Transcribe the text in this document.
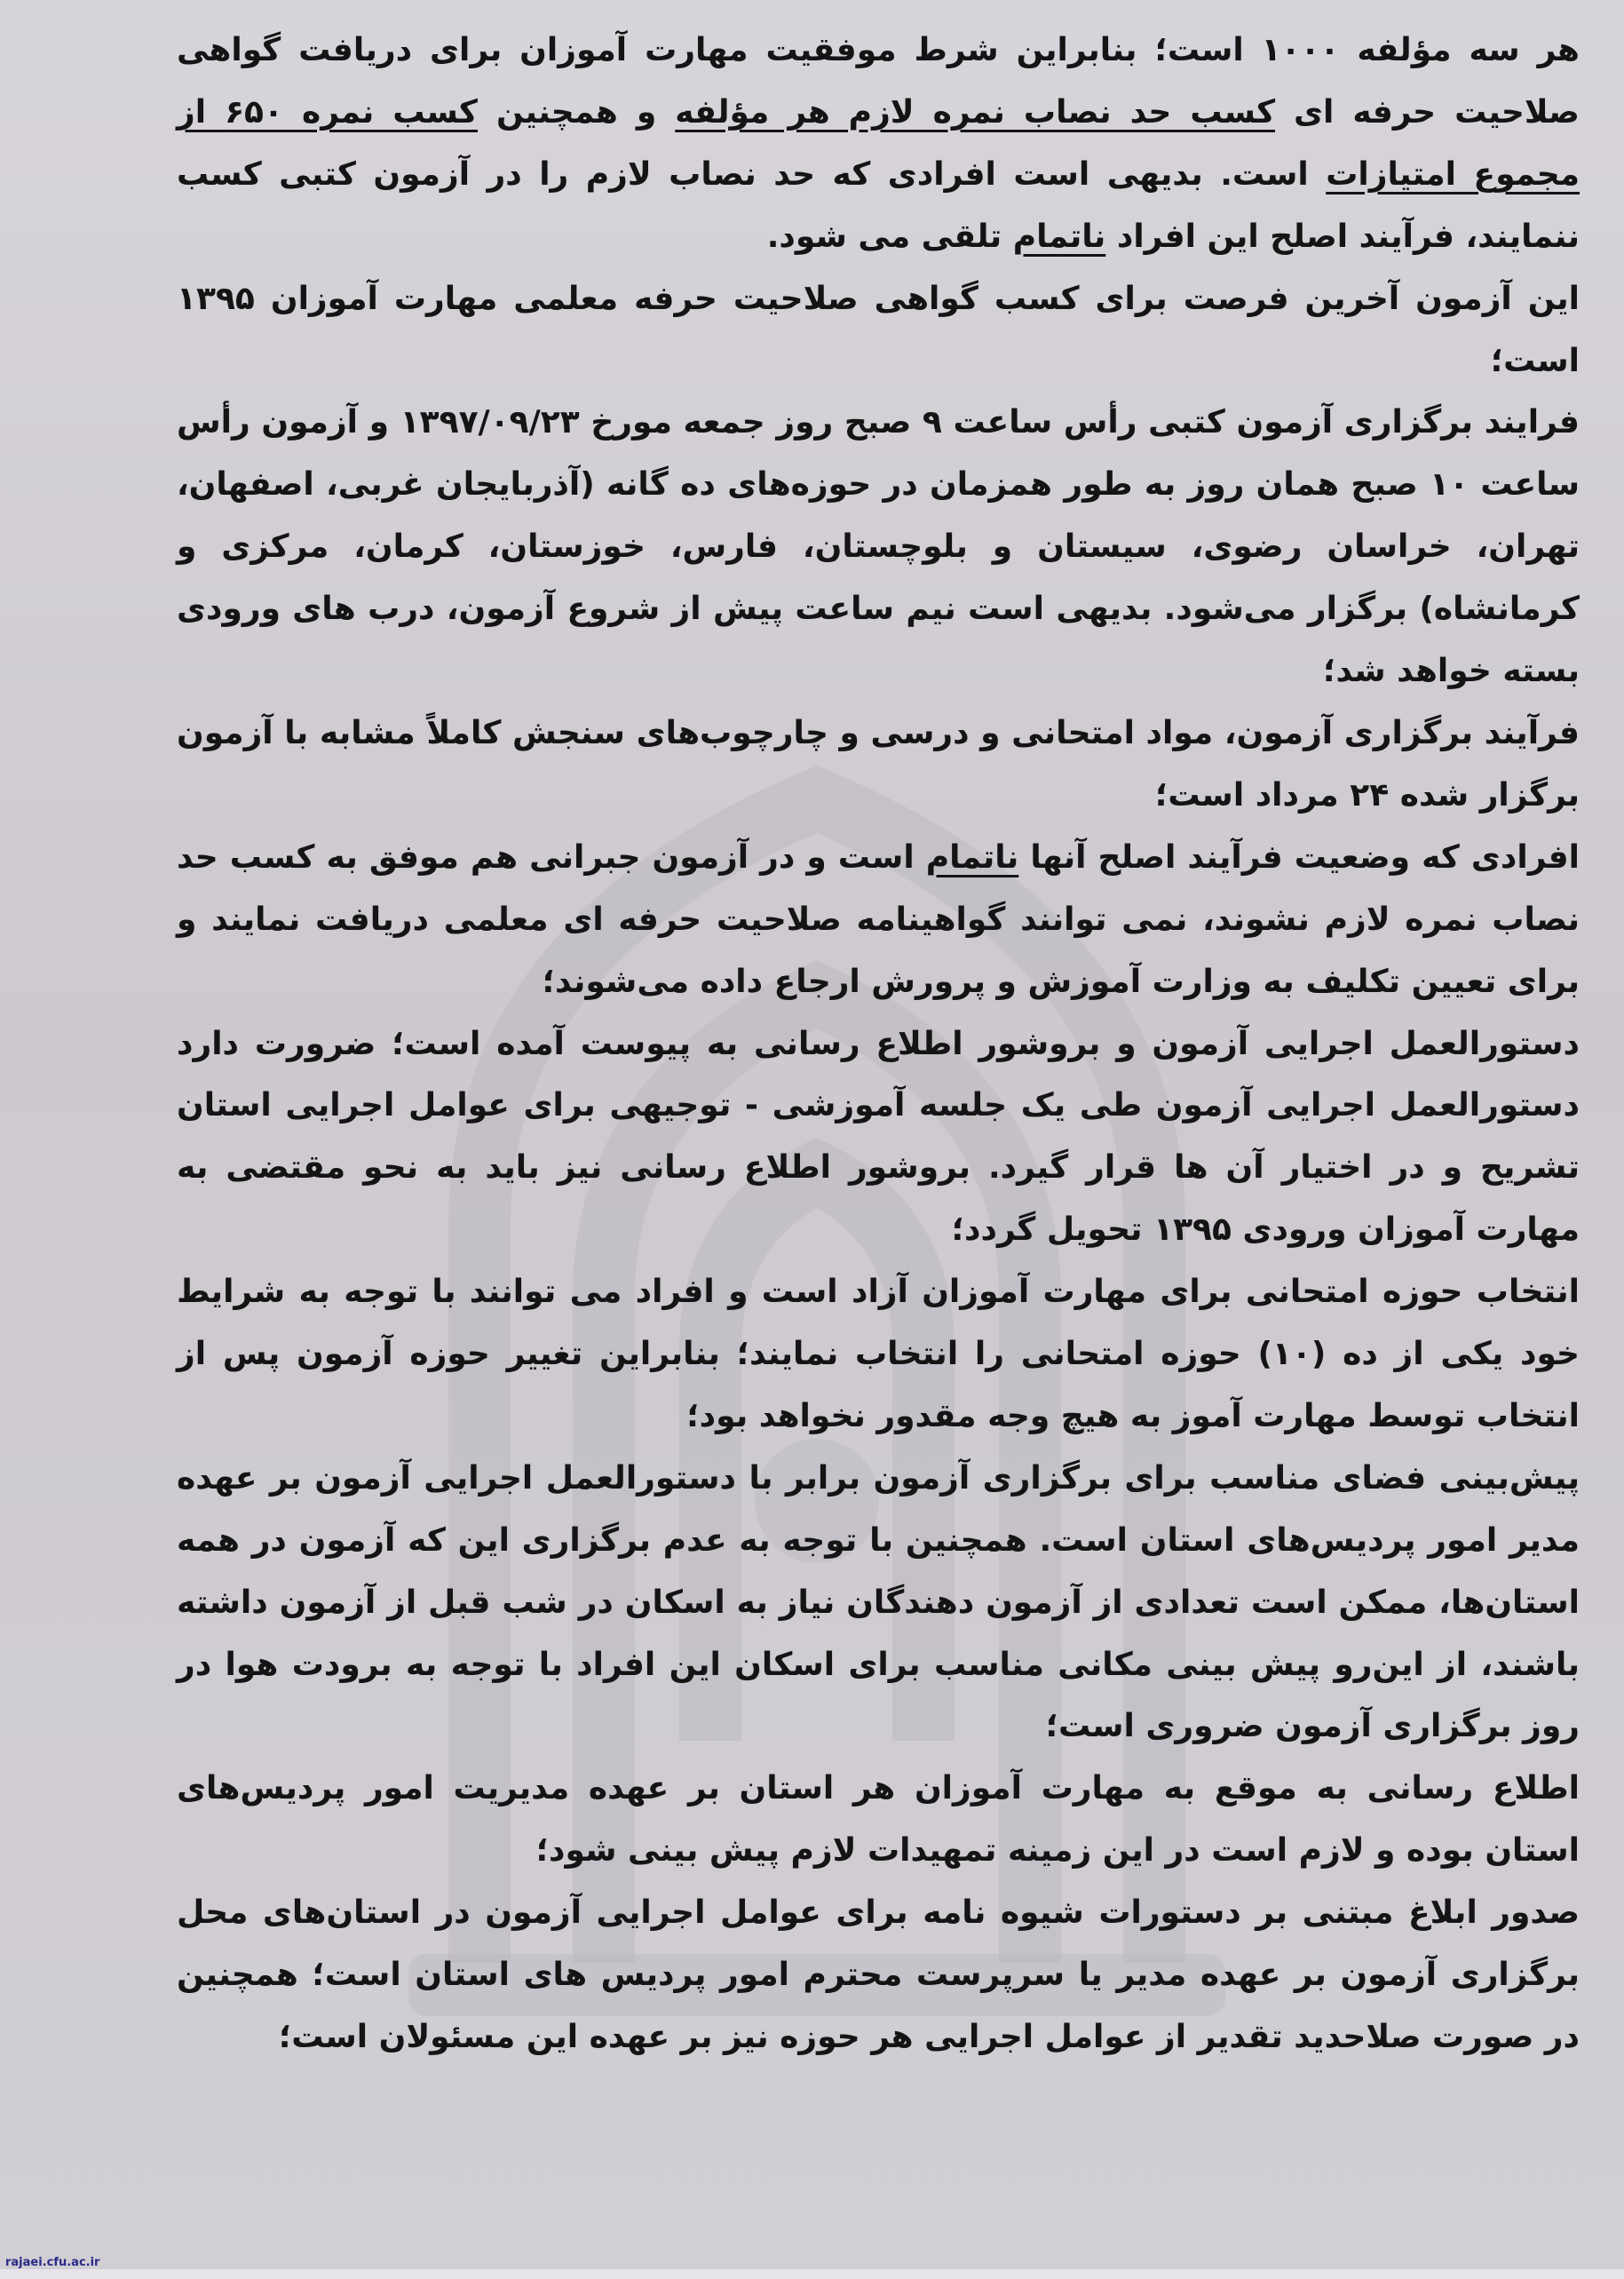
هر سه مؤلفه ۱۰۰۰ است؛ بنابراین شرط موفقیت مهارت آموزان برای دریافت گواهی صلاحیت حرفه ای کسب حد نصاب نمره لازم هر مؤلفه و همچنین کسب نمره ۶۵۰ از مجموع امتیازات است. بدیهی است افرادی که حد نصاب لازم را در آزمون کتبی کسب ننمایند، فرآیند اصلح این افراد ناتمام تلقی می شود.

این آزمون آخرین فرصت برای کسب گواهی صلاحیت حرفه معلمی مهارت آموزان ۱۳۹۵ است؛

فرایند برگزاری آزمون کتبی رأس ساعت ۹ صبح روز جمعه مورخ ۱۳۹۷/۰۹/۲۳ و آزمون رأس ساعت ۱۰ صبح همان روز به طور همزمان در حوزه‌های ده گانه (آذربایجان غربی، اصفهان، تهران، خراسان رضوی، سیستان و بلوچستان، فارس، خوزستان، کرمان، مرکزی و کرمانشاه) برگزار می‌شود. بدیهی است نیم ساعت پیش از شروع آزمون، درب های ورودی بسته خواهد شد؛

فرآیند برگزاری آزمون، مواد امتحانی و درسی و چارچوب‌های سنجش کاملاً مشابه با آزمون برگزار شده ۲۴ مرداد است؛

افرادی که وضعیت فرآیند اصلح آنها ناتمام است و در آزمون جبرانی هم موفق به کسب حد نصاب نمره لازم نشوند، نمی توانند گواهینامه صلاحیت حرفه ای معلمی دریافت نمایند و برای تعیین تکلیف به وزارت آموزش و پرورش ارجاع داده می‌شوند؛

دستورالعمل اجرایی آزمون و بروشور اطلاع رسانی به پیوست آمده است؛ ضرورت دارد دستورالعمل اجرایی آزمون طی یک جلسه آموزشی - توجیهی برای عوامل اجرایی استان تشریح و در اختیار آن ها قرار گیرد. بروشور اطلاع رسانی نیز باید به نحو مقتضی به مهارت آموزان ورودی ۱۳۹۵ تحویل گردد؛

انتخاب حوزه امتحانی برای مهارت آموزان آزاد است و افراد می توانند با توجه به شرایط خود یکی از ده (۱۰) حوزه امتحانی را انتخاب نمایند؛ بنابراین تغییر حوزه آزمون پس از انتخاب توسط مهارت آموز به هیچ وجه مقدور نخواهد بود؛

پیش‌بینی فضای مناسب برای برگزاری آزمون برابر با دستورالعمل اجرایی آزمون بر عهده مدیر امور پردیس‌های استان است. همچنین با توجه به عدم برگزاری این که آزمون در همه استان‌ها، ممکن است تعدادی از آزمون دهندگان نیاز به اسکان در شب قبل از آزمون داشته باشند، از این‌رو پیش بینی مکانی مناسب برای اسکان این افراد با توجه به برودت هوا در روز برگزاری آزمون ضروری است؛

اطلاع رسانی به موقع به مهارت آموزان هر استان بر عهده مدیریت امور پردیس‌های استان بوده و لازم است در این زمینه تمهیدات لازم پیش بینی شود؛

صدور ابلاغ مبتنی بر دستورات شیوه نامه برای عوامل اجرایی آزمون در استان‌های محل برگزاری آزمون بر عهده مدیر یا سرپرست محترم امور پردیس های استان است؛ همچنین در صورت صلاحدید تقدیر از عوامل اجرایی هر حوزه نیز بر عهده این مسئولان است؛

rajaei.cfu.ac.ir
